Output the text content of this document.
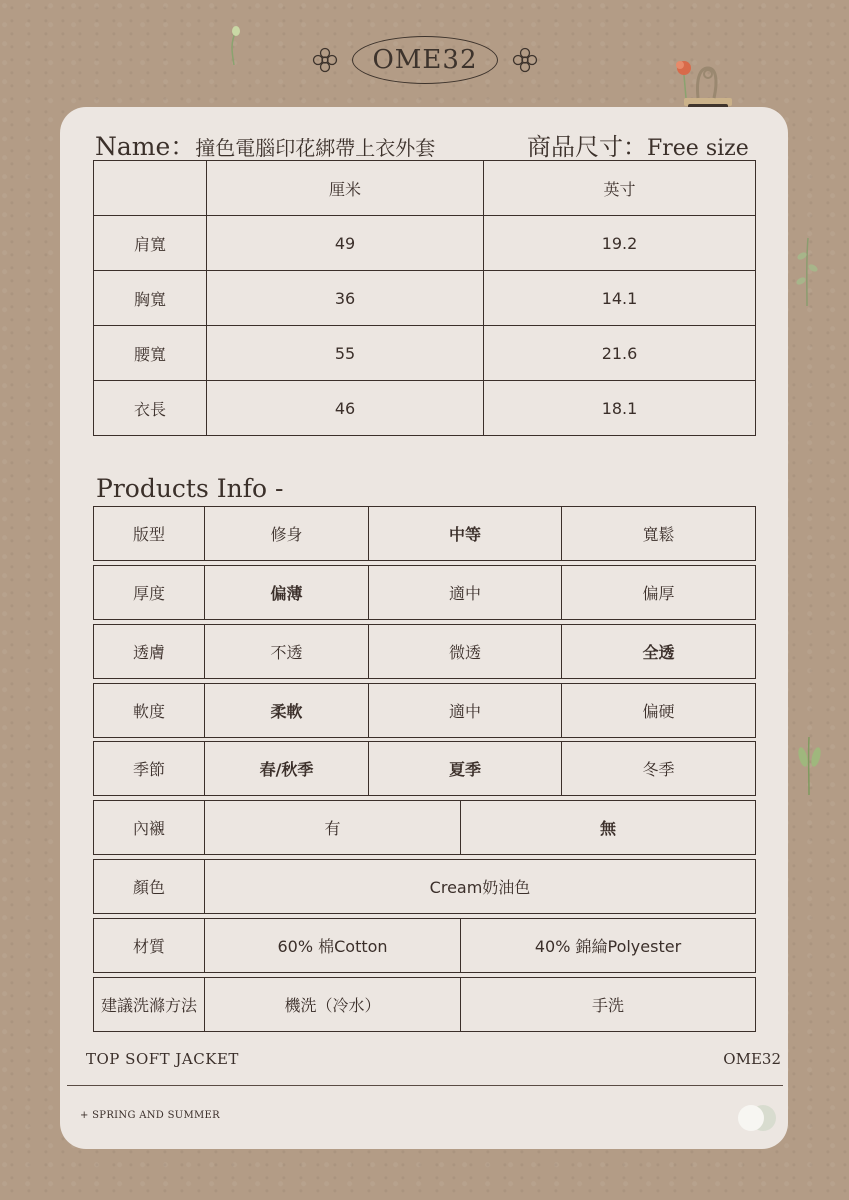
OME32
Name：撞色電腦印花綁帶上衣外套	商品尺寸：Free size
	厘米	英寸
肩寬	49	19.2
胸寬	36	14.1
腰寬	55	21.6
衣長	46	18.1
Products Info -
版型	修身	中等	寬鬆
厚度	偏薄	適中	偏厚
透膚	不透	微透	全透
軟度	柔軟	適中	偏硬
季節	春/秋季	夏季	冬季
內襯	有	無
顏色	Cream奶油色
材質	60% 棉Cotton	40% 錦綸Polyester
建議洗滌方法	機洗（冷水）	手洗
TOP SOFT JACKET	OME32
+ SPRING AND SUMMER
